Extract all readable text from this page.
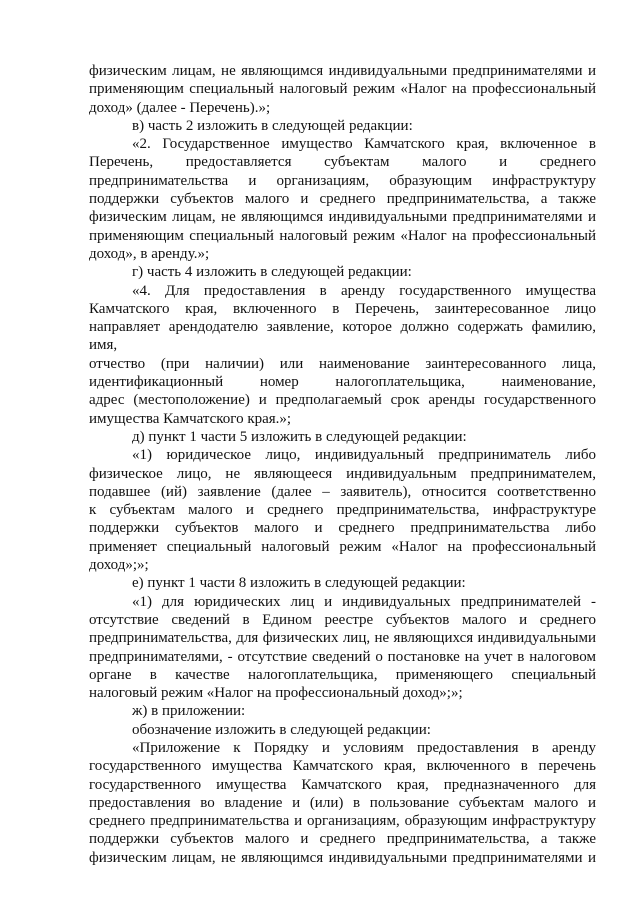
физическим лицам, не являющимся индивидуальными предпринимателями и
применяющим специальный налоговый режим «Налог на профессиональный
доход» (далее - Перечень).»;
в) часть 2 изложить в следующей редакции:
«2. Государственное имущество Камчатского края, включенное в
Перечень, предоставляется субъектам малого и среднего
предпринимательства и организациям, образующим инфраструктуру
поддержки субъектов малого и среднего предпринимательства, а также
физическим лицам, не являющимся индивидуальными предпринимателями и
применяющим специальный налоговый режим «Налог на профессиональный
доход», в аренду.»;
г) часть 4 изложить в следующей редакции:
«4. Для предоставления в аренду государственного имущества
Камчатского края, включенного в Перечень, заинтересованное лицо
направляет арендодателю заявление, которое должно содержать фамилию,
имя,
отчество (при наличии) или наименование заинтересованного лица,
идентификационный номер налогоплательщика, наименование,
адрес (местоположение) и предполагаемый срок аренды государственного
имущества Камчатского края.»;
д) пункт 1 части 5 изложить в следующей редакции:
«1) юридическое лицо, индивидуальный предприниматель либо
физическое лицо, не являющееся индивидуальным предпринимателем,
подавшее (ий) заявление (далее – заявитель), относится соответственно
к субъектам малого и среднего предпринимательства, инфраструктуре
поддержки субъектов малого и среднего предпринимательства либо
применяет специальный налоговый режим «Налог на профессиональный
доход»;»;
е) пункт 1 части 8 изложить в следующей редакции:
«1) для юридических лиц и индивидуальных предпринимателей -
отсутствие сведений в Едином реестре субъектов малого и среднего
предпринимательства, для физических лиц, не являющихся индивидуальными
предпринимателями, - отсутствие сведений о постановке на учет в налоговом
органе в качестве налогоплательщика, применяющего специальный
налоговый режим «Налог на профессиональный доход»;»;
ж) в приложении:
обозначение изложить в следующей редакции:
«Приложение к Порядку и условиям предоставления в аренду
государственного имущества Камчатского края, включенного в перечень
государственного имущества Камчатского края, предназначенного для
предоставления во владение и (или) в пользование субъектам малого и
среднего предпринимательства и организациям, образующим инфраструктуру
поддержки субъектов малого и среднего предпринимательства, а также
физическим лицам, не являющимся индивидуальными предпринимателями и
